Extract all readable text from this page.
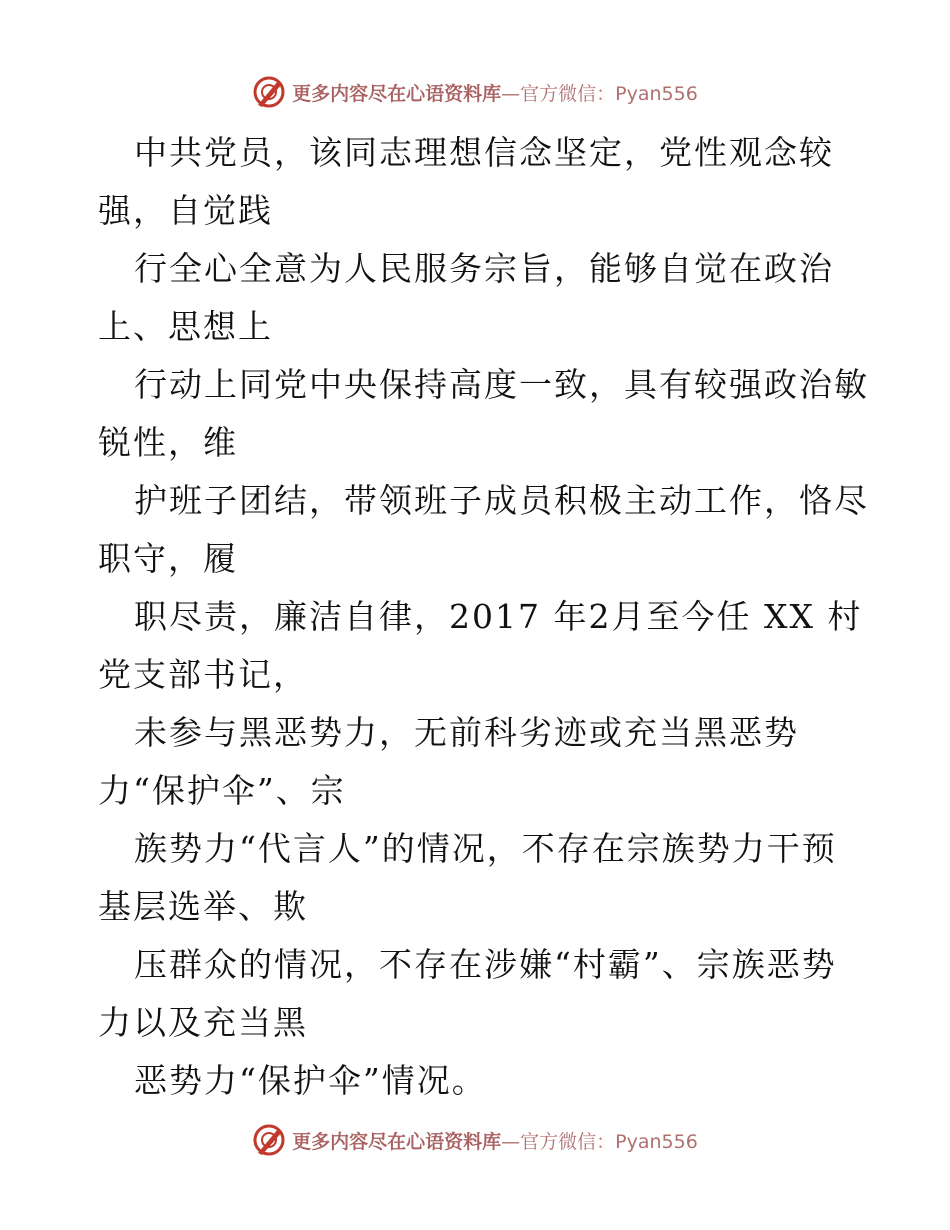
更多内容尽在心语资料库—官方微信：Pyan556
中共党员，该同志理想信念坚定，党性观念较
强，自觉践
行全心全意为人民服务宗旨，能够自觉在政治
上、思想上
行动上同党中央保持高度一致，具有较强政治敏
锐性，维
护班子团结，带领班子成员积极主动工作，恪尽
职守，履
职尽责，廉洁自律，2017 年2月至今任 XX 村
党支部书记，
未参与黑恶势力，无前科劣迹或充当黑恶势
力“保护伞”、宗
族势力“代言人”的情况，不存在宗族势力干预
基层选举、欺
压群众的情况，不存在涉嫌“村霸”、宗族恶势
力以及充当黑
恶势力“保护伞”情况。
更多内容尽在心语资料库—官方微信：Pyan556
